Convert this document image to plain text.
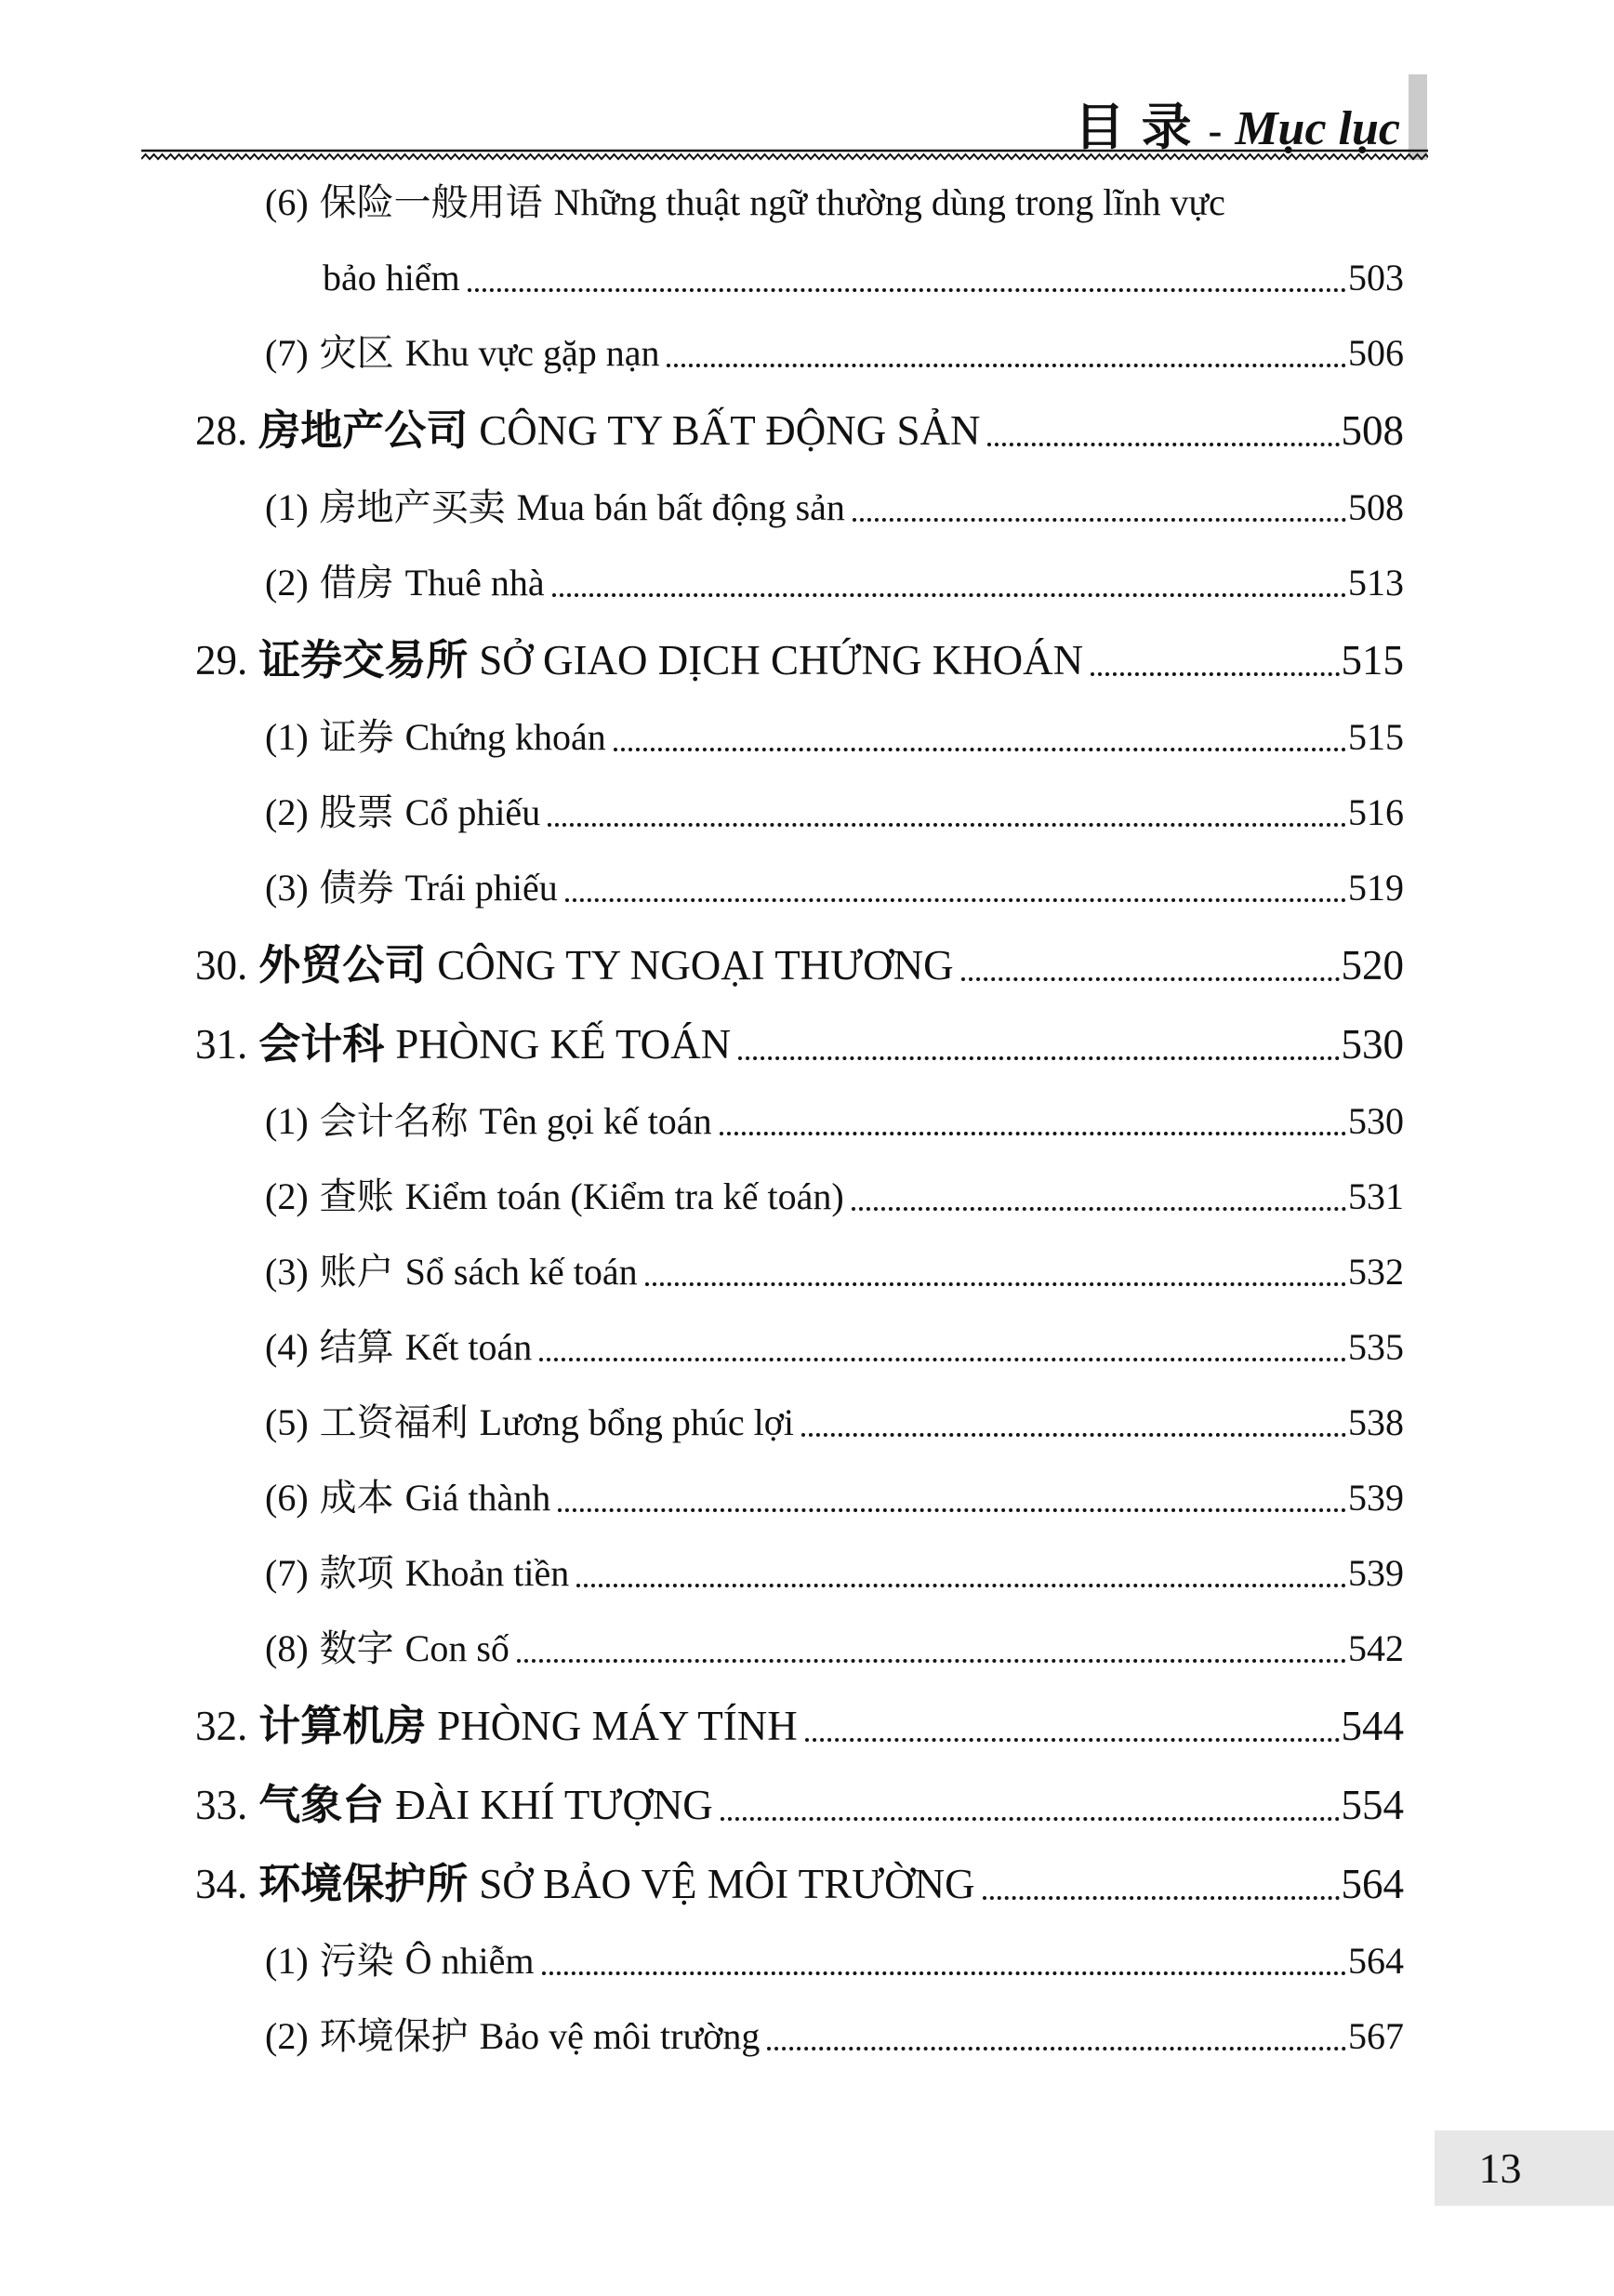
目录- Mục lục
(6) 保险一般用语 Những thuật ngữ thường dùng trong lĩnh vực
bảo hiểm	503
(7) 灾区 Khu vực gặp nạn	506
28. 房地产公司 CÔNG TY BẤT ĐỘNG SẢN	508
(1) 房地产买卖 Mua bán bất động sản	508
(2) 借房 Thuê nhà	513
29. 证券交易所 SỞ GIAO DỊCH CHỨNG KHOÁN	515
(1) 证券 Chứng khoán	515
(2) 股票 Cổ phiếu	516
(3) 债券 Trái phiếu	519
30. 外贸公司 CÔNG TY NGOẠI THƯƠNG	520
31. 会计科 PHÒNG KẾ TOÁN	530
(1) 会计名称 Tên gọi kế toán	530
(2) 查账 Kiểm toán (Kiểm tra kế toán)	531
(3) 账户 Sổ sách kế toán	532
(4) 结算 Kết toán	535
(5) 工资福利 Lương bổng phúc lợi	538
(6) 成本 Giá thành	539
(7) 款项 Khoản tiền	539
(8) 数字 Con số	542
32. 计算机房 PHÒNG MÁY TÍNH	544
33. 气象台 ĐÀI KHÍ TƯỢNG	554
34. 环境保护所 SỞ BẢO VỆ MÔI TRƯỜNG	564
(1) 污染 Ô nhiễm	564
(2) 环境保护 Bảo vệ môi trường	567
13
